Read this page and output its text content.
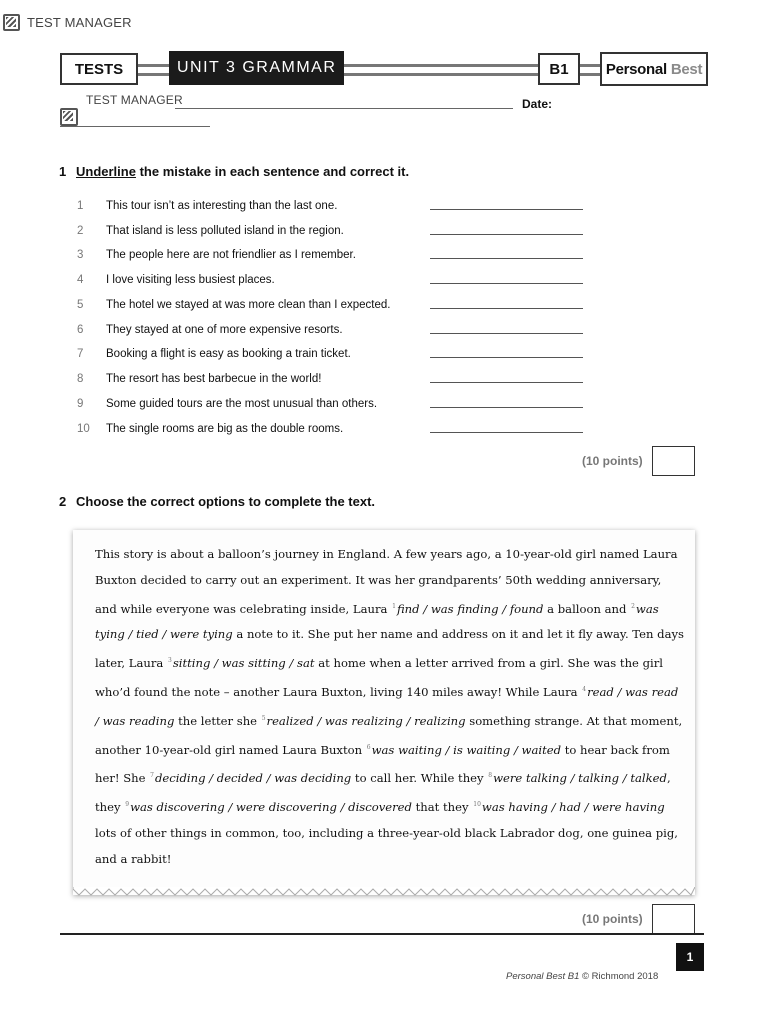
TEST MANAGER
TESTS	UNIT 3 GRAMMAR	B1	Personal Best
TEST MANAGER	Date:
1 Underline the mistake in each sentence and correct it.
1	This tour isn’t as interesting than the last one.
2	That island is less polluted island in the region.
3	The people here are not friendlier as I remember.
4	I love visiting less busiest places.
5	The hotel we stayed at was more clean than I expected.
6	They stayed at one of more expensive resorts.
7	Booking a flight is easy as booking a train ticket.
8	The resort has best barbecue in the world!
9	Some guided tours are the most unusual than others.
10	The single rooms are big as the double rooms.
(10 points)
2 Choose the correct options to complete the text.
This story is about a balloon’s journey in England. A few years ago, a 10-year-old girl named Laura Buxton decided to carry out an experiment. It was her grandparents’ 50th wedding anniversary, and while everyone was celebrating inside, Laura $^1$find / was finding / found a balloon and $^2$was tying / tied / were tying a note to it. She put her name and address on it and let it fly away. Ten days later, Laura $^3$sitting / was sitting / sat at home when a letter arrived from a girl. She was the girl who’d found the note – another Laura Buxton, living 140 miles away! While Laura $^4$read / was read / was reading the letter she $^5$realized / was realizing / realizing something strange. At that moment, another 10-year-old girl named Laura Buxton $^6$was waiting / is waiting / waited to hear back from her! She $^7$deciding / decided / was deciding to call her. While they $^8$were talking / talking / talked, they $^9$was discovering / were discovering / discovered that they $^{10}$was having / had / were having lots of other things in common, too, including a three-year-old black Labrador dog, one guinea pig, and a rabbit!
(10 points)
1
Personal Best B1 © Richmond 2018
